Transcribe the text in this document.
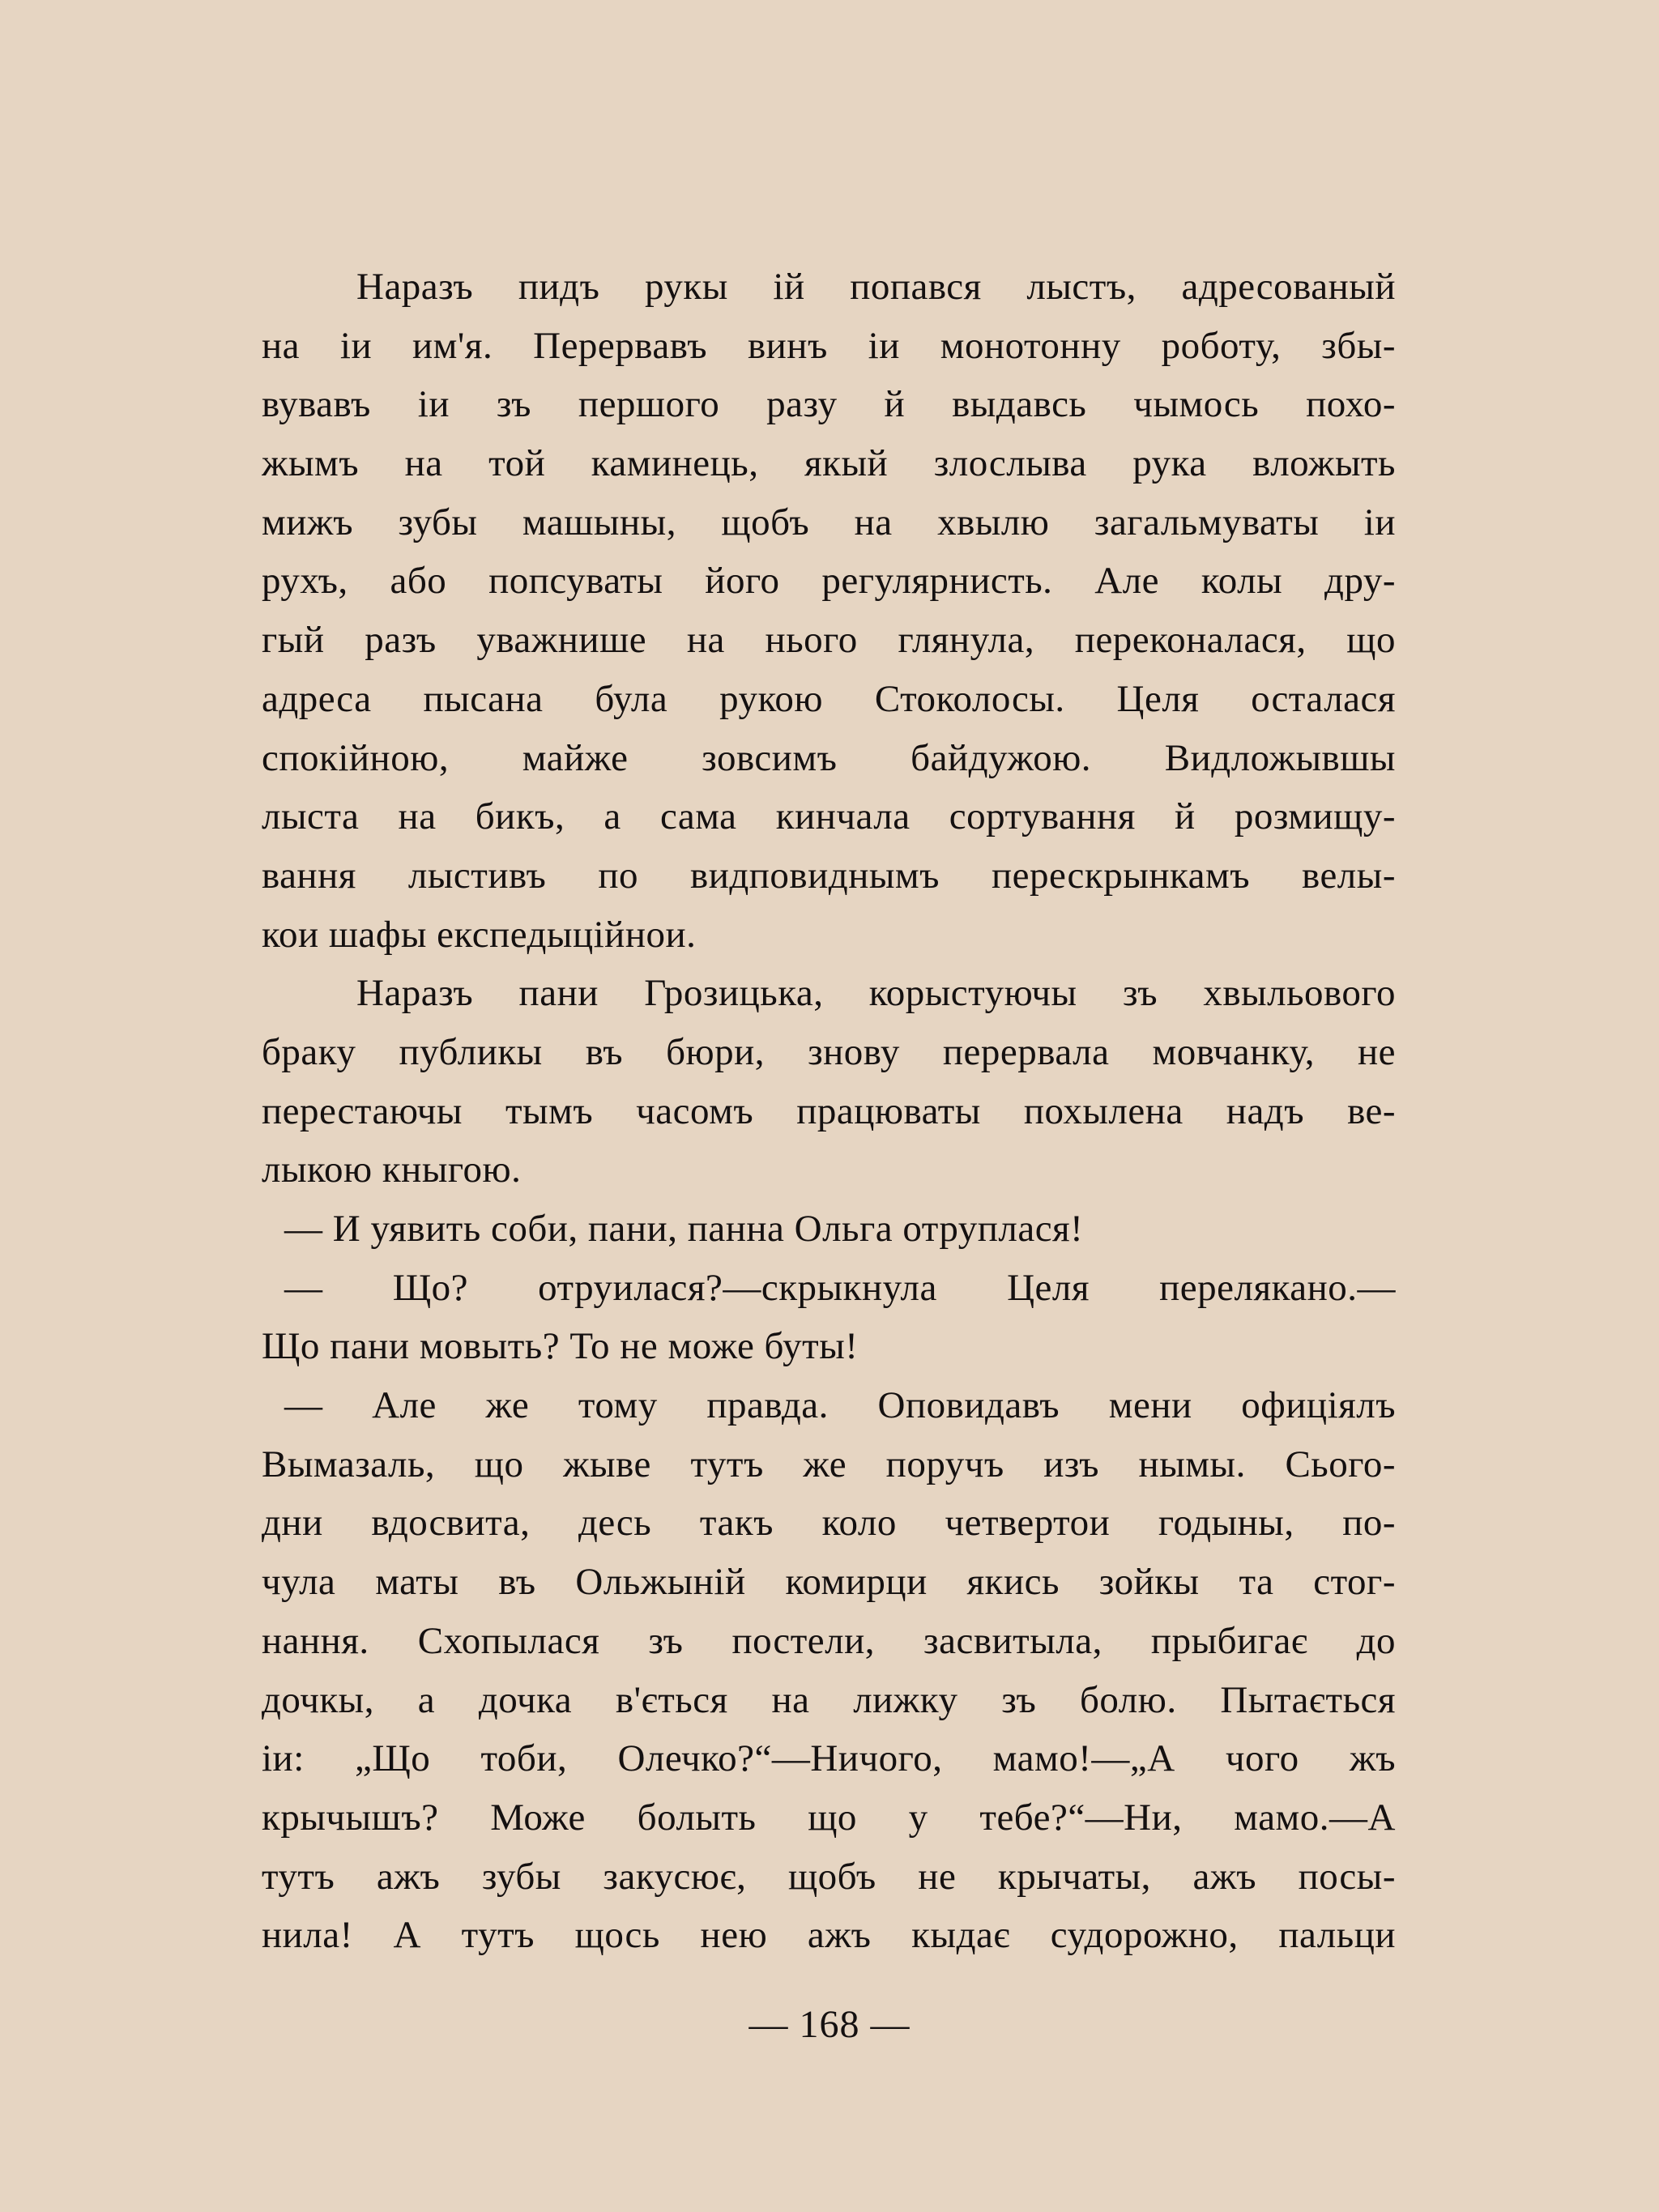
Наразъ пидъ рукы ій попався лыстъ, адресованый
на іи им'я. Перервавъ винъ іи монотонну роботу, збы-
вувавъ іи зъ першого разу й выдавсь чымось похо-
жымъ на той каминець, якый злослыва рука вложыть
мижъ зубы машыны, щобъ на хвылю загальмуваты іи
рухъ, або попсуваты його регулярнисть. Але колы дру-
гый разъ уважнише на нього глянула, переконалася, що
адреса пысана була рукою Стоколосы. Целя осталася
спокійною, майже зовсимъ байдужою. Видложывшы
лыста на бикъ, а сама кинчала сортування й розмищу-
вання лыстивъ по видповиднымъ перескрынкамъ велы-
кои шафы експедыційнои.
Наразъ пани Грозицька, корыстуючы зъ хвыльового
браку публикы въ бюри, знову перервала мовчанку, не
перестаючы тымъ часомъ працюваты похылена надъ ве-
лыкою кныгою.
— И уявить соби, пани, панна Ольга отруплася!
— Що? отруилася?—скрыкнула Целя переляканo.—
Що пани мовыть? То не може буты!
— Але же тому правда. Оповидавъ мени офицiялъ
Вымазаль, що жыве тутъ же поручъ изъ нымы. Сього-
дни вдосвита, десь такъ коло четвертои годыны, по-
чула маты въ Ольжыній комирци якись зойкы та стог-
нання. Схопылася зъ постели, засвитыла, прыбигає до
дочкы, а дочка в'ється на лижку зъ болю. Пытається
іи: „Що тоби, Олечко?“—Ничого, мамо!—„А чого жъ
крычышъ? Може болыть що у тебе?“—Ни, мамо.—А
тутъ ажъ зубы закусює, щобъ не крычаты, ажъ посы-
нила! А тутъ щось нею ажъ кыдає судорожно, пальци
— 168 —
